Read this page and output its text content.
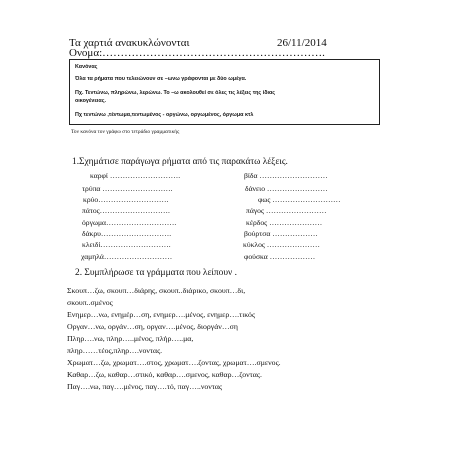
Τα χαρτιά ανακυκλώνονται	26/11/2014
Ονομα:…………………………………………………….
Κανόνας
Όλα τα ρήματα που τελειώνουν σε –ωνω γράφονται με δύο ωμέγα.
Πχ. Τεντώνω, πληρώνω, λερώνω. Το –ω ακολουθεί σε όλες τις λέξεις της ίδιας
οικογένειας.
Πχ τεντώνω ,τέντωμα,τεντωμένος - οργώνω, οργωμένος, όργωμα κτλ
Τον κανόνα τον γράφω στο τετράδιο γραμματικής
1.Σχημάτισε παράγωγα ρήματα από τις παρακάτω λέξεις.
καρφί ……………………….
τρύπα ……………………….
κρύο……………………….
πάτος……………………….
όργωμα……………………….
δάκρυ……………………….
κλειδί……………………….
χαμηλά………………………
βίδα ………………………
δάνειο ……………………
φως ………………………
πάγος ……………………
κέρδος …………………
βούρτσα ………………
κύκλος …………………
φούσκα ………………
2. Συμπλήρωσε τα γράμματα που λείπουν .
Σκουπ…ζω, σκουπ…διάρης, σκουπ..διάρικο, σκουπ…δι,
σκουπ..σμένος
Ενημερ…νω, ενημέρ…ση, ενημερ….μένος, ενημερ….τικός
Οργαν…νω, οργάν…ση, οργαν….μένος, διοργάν…ση
Πληρ….νω, πληρ…..μένος, πλήρ…..μα,
πληρ……τέος,πληρ….νοντας.
Χρωματ…ζω, χρωματ….στος, χρωματ….ζοντας, χρωματ….σμενος.
Καθαρ…ζω, καθαρ…στικό, καθαρ….σμενος, καθαρ…ζοντας.
Παγ….νω, παγ….μένος, παγ….τό, παγ…..νοντας
